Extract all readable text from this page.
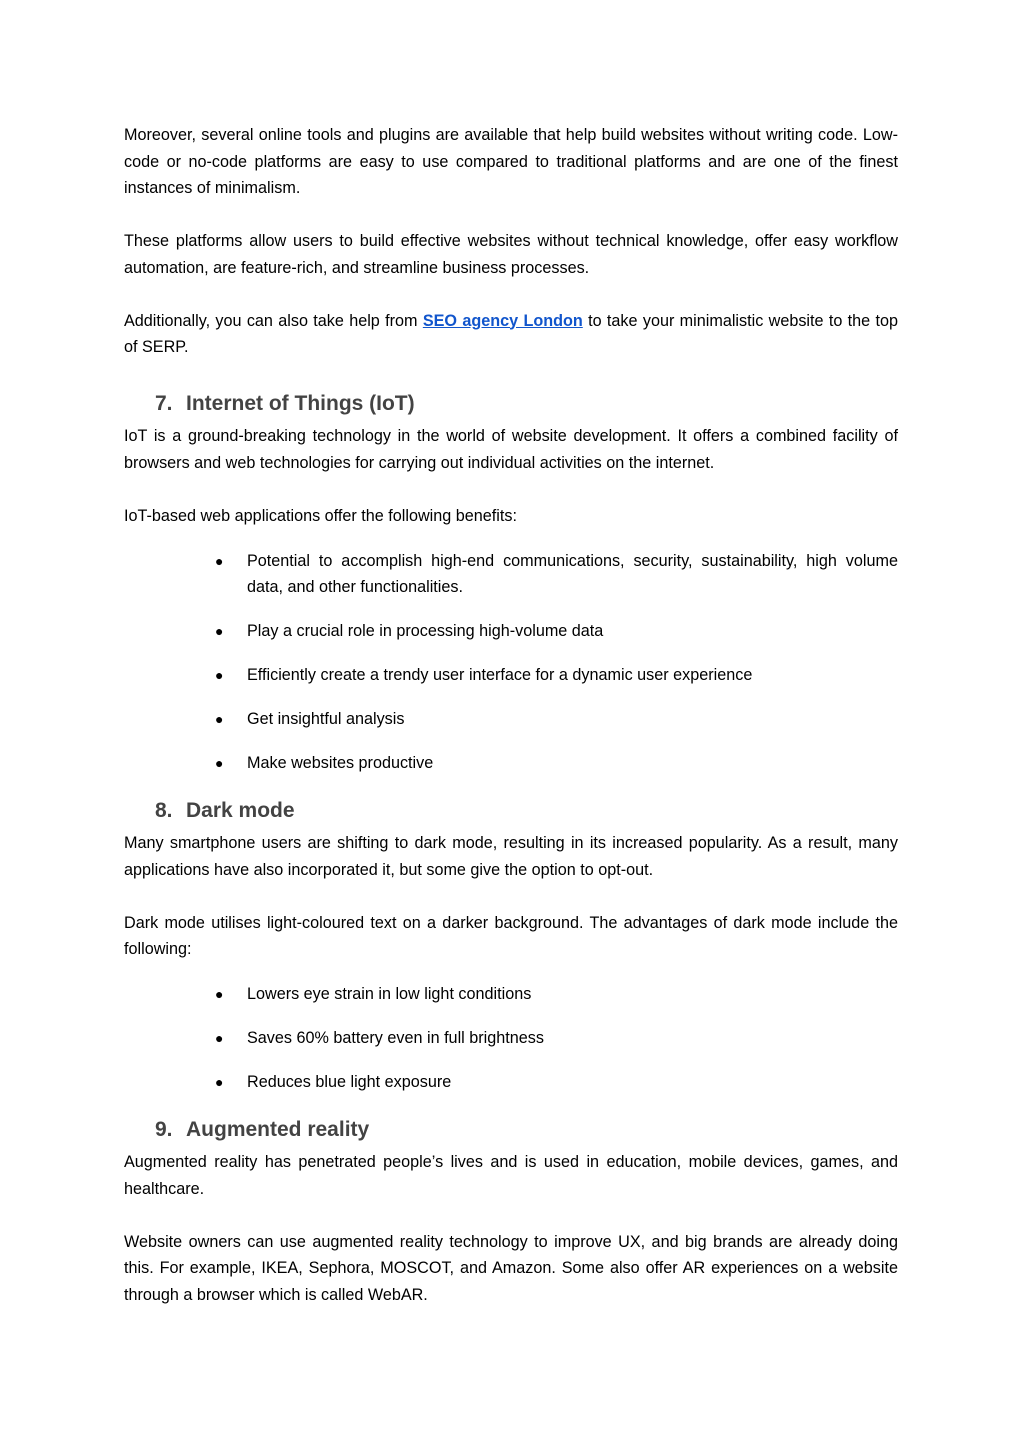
Moreover, several online tools and plugins are available that help build websites without writing code. Low-code or no-code platforms are easy to use compared to traditional platforms and are one of the finest instances of minimalism.

These platforms allow users to build effective websites without technical knowledge, offer easy workflow automation, are feature-rich, and streamline business processes.

Additionally, you can also take help from SEO agency London to take your minimalistic website to the top of SERP.

7. Internet of Things (IoT)

IoT is a ground-breaking technology in the world of website development. It offers a combined facility of browsers and web technologies for carrying out individual activities on the internet.

IoT-based web applications offer the following benefits:

● Potential to accomplish high-end communications, security, sustainability, high volume data, and other functionalities.
● Play a crucial role in processing high-volume data
● Efficiently create a trendy user interface for a dynamic user experience
● Get insightful analysis
● Make websites productive
8. Dark mode

Many smartphone users are shifting to dark mode, resulting in its increased popularity. As a result, many applications have also incorporated it, but some give the option to opt-out.

Dark mode utilises light-coloured text on a darker background. The advantages of dark mode include the following:

● Lowers eye strain in low light conditions
● Saves 60% battery even in full brightness
● Reduces blue light exposure
9. Augmented reality

Augmented reality has penetrated people’s lives and is used in education, mobile devices, games, and healthcare.

Website owners can use augmented reality technology to improve UX, and big brands are already doing this. For example, IKEA, Sephora, MOSCOT, and Amazon. Some also offer AR experiences on a website through a browser which is called WebAR.
